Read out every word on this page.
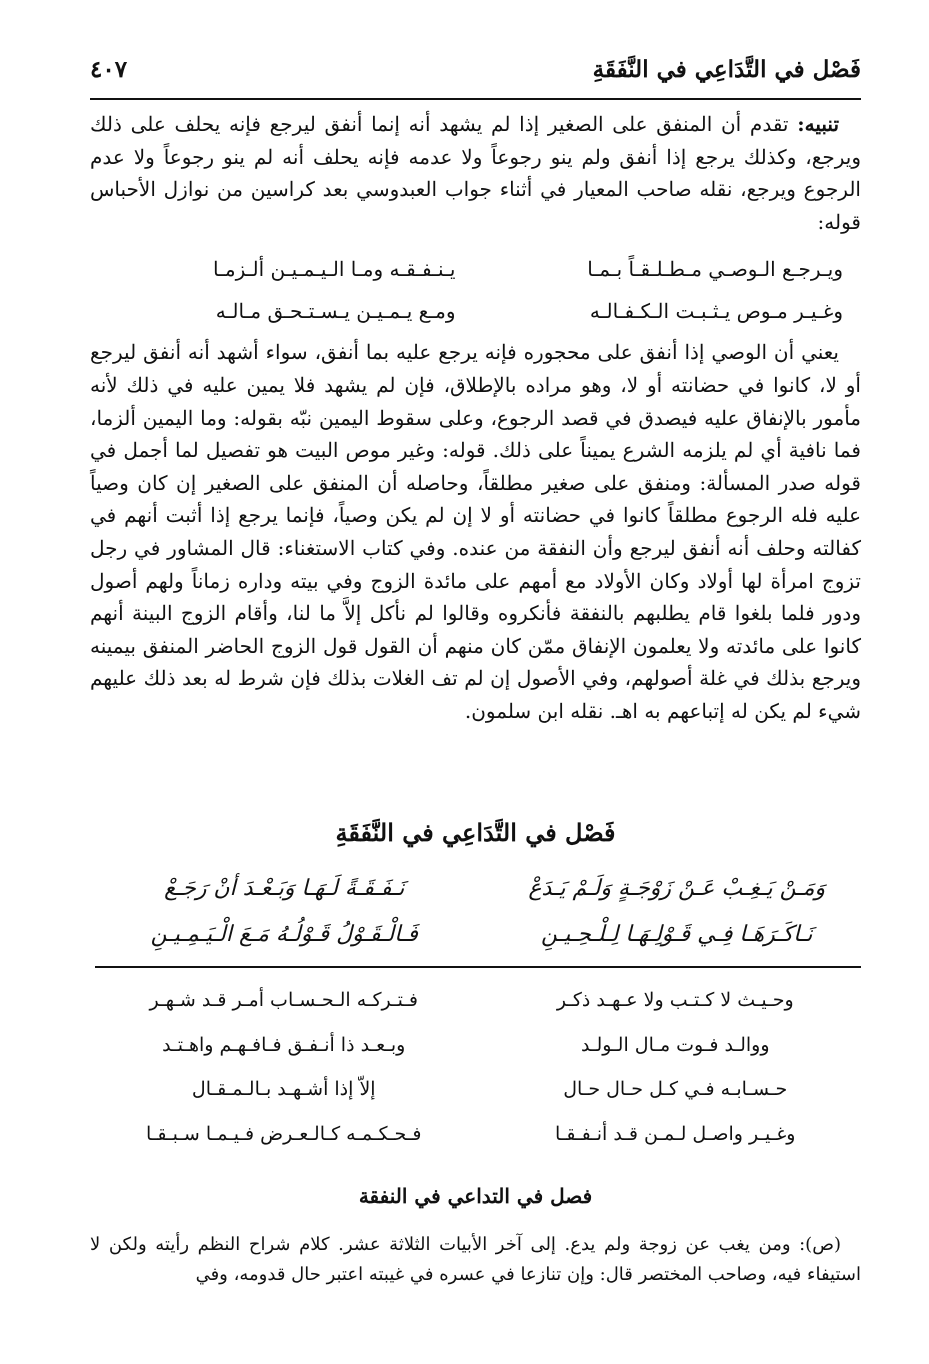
فَصْل في التَّدَاعِي في النَّفَقَةِ
٤٠٧

تنبيه: تقدم أن المنفق على الصغير إذا لم يشهد أنه إنما أنفق ليرجع فإنه يحلف على ذلك ويرجع، وكذلك يرجع إذا أنفق ولم ينو رجوعاً ولا عدمه فإنه يحلف أنه لم ينو رجوعاً ولا عدم الرجوع ويرجع، نقله صاحب المعيار في أثناء جواب العبدوسي بعد كراسين من نوازل الأحباس قوله:

ويـرجـع الـوصـي مـطـلـقـاً بـمـا
يـنـفـقـه ومـا الـيـمـيـن ألـزمـا
وغـيـر مـوص يـثـبـت الـكـفـالـه
ومـع يـمـيـن يـسـتـحـق مـالـه

يعني أن الوصي إذا أنفق على محجوره فإنه يرجع عليه بما أنفق، سواء أشهد أنه أنفق ليرجع أو لا، كانوا في حضانته أو لا، وهو مراده بالإطلاق، فإن لم يشهد فلا يمين عليه في ذلك لأنه مأمور بالإنفاق عليه فيصدق في قصد الرجوع، وعلى سقوط اليمين نبّه بقوله: وما اليمين ألزما، فما نافية أي لم يلزمه الشرع يميناً على ذلك. قوله: وغير موص البيت هو تفصيل لما أجمل في قوله صدر المسألة: ومنفق على صغير مطلقاً، وحاصله أن المنفق على الصغير إن كان وصياً عليه فله الرجوع مطلقاً كانوا في حضانته أو لا إن لم يكن وصياً، فإنما يرجع إذا أثبت أنهم في كفالته وحلف أنه أنفق ليرجع وأن النفقة من عنده. وفي كتاب الاستغناء: قال المشاور في رجل تزوج امرأة لها أولاد وكان الأولاد مع أمهم على مائدة الزوج وفي بيته وداره زماناً ولهم أصول ودور فلما بلغوا قام يطلبهم بالنفقة فأنكروه وقالوا لم نأكل إلاَّ ما لنا، وأقام الزوج البينة أنهم كانوا على مائدته ولا يعلمون الإنفاق ممّن كان منهم أن القول قول الزوج الحاضر المنفق بيمينه ويرجع بذلك في غلة أصولهم، وفي الأصول إن لم تف الغلات بذلك فإن شرط له بعد ذلك عليهم شيء لم يكن له إتباعهم به اهـ. نقله ابن سلمون.

فَصْل في التَّدَاعِي في النَّفَقَةِ
وَمَـنْ يَـغِـبْ عَـنْ زَوْجَـةٍ وَلَـمْ يَـدَعْ
نَـفَـقَـةً لَـهَـا وَبَـعْـدَ أنْ رَجَـعْ
نَـاكَـرَهَـا فِـي قَـوْلِـهَـا لِـلْـحِـيـنِ
فَـالْـقَـوْلُ قَـوْلُـهُ مَـعَ الْـيَـمِـيـنِ
وحـيـث لا كـتـب ولا عـهـد ذكـر
فـتـركـه الـحـسـاب أمـر قـد شـهـر
ووالـد فـوت مـال الـولـد
وبـعـد ذا أنـفـق فـافـهـم واهـتـد
حـسـابـه فـي كـل حـال حـال
إلاّ إذا أشـهـد بـالـمـقـال
وغـيـر واصـل لـمـن قـد أنـفـقـا
فـحـكـمـه كـالـعـرض فـيـمـا سـبـقـا
فصل في التداعي في النفقة

(ص): ومن يغب عن زوجة ولم يدع. إلى آخر الأبيات الثلاثة عشر. كلام شراح النظم رأيته ولكن لا استيفاء فيه، وصاحب المختصر قال: وإن تنازعا في عسره في غيبته اعتبر حال قدومه، وفي
